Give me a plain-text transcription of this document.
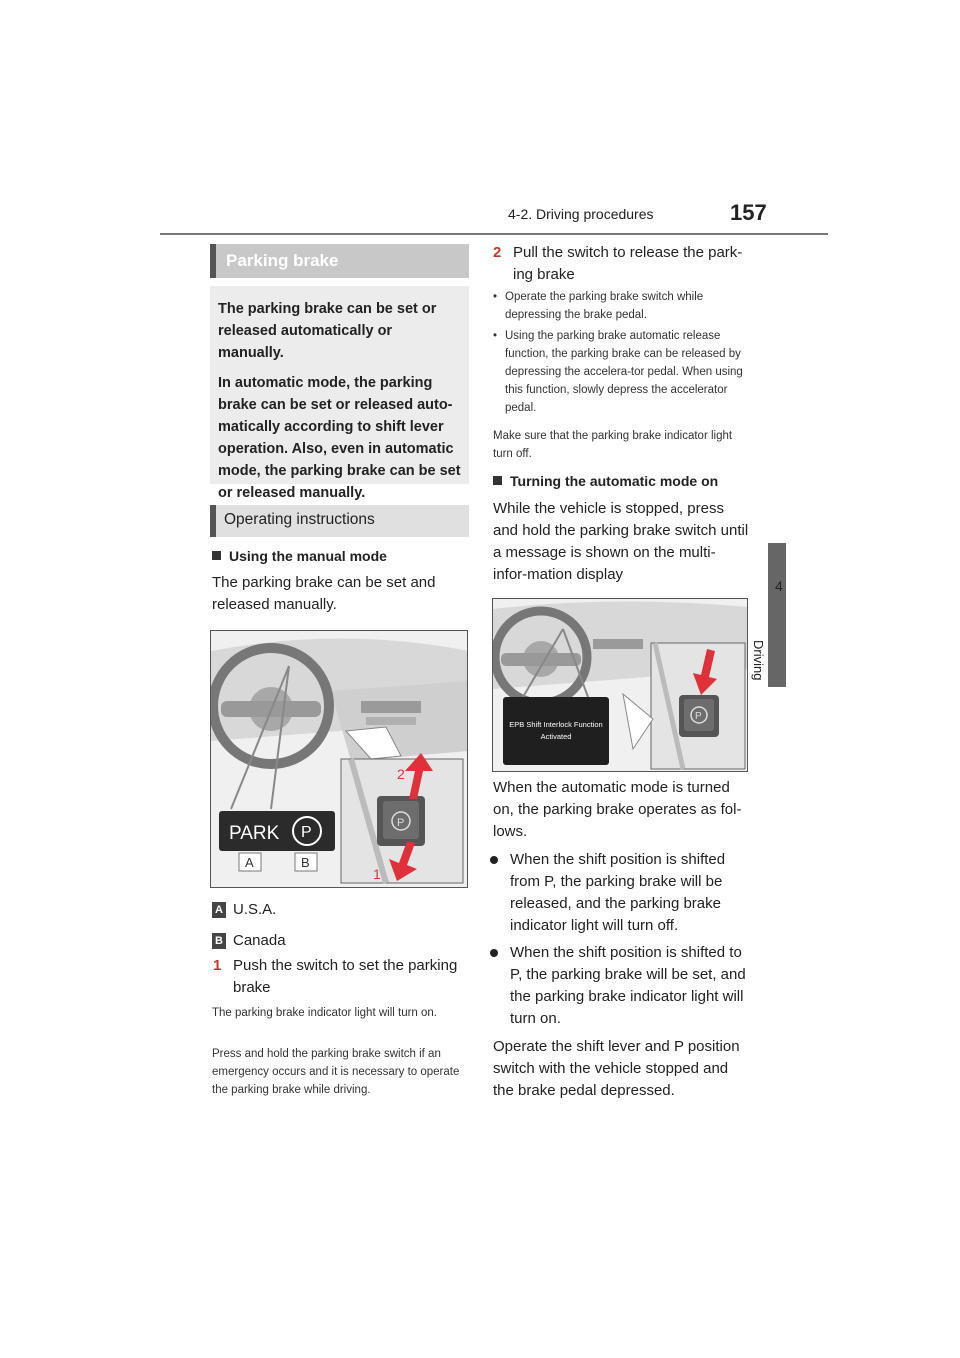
4-2. Driving procedures	157
4
Driving
Parking brake

The parking brake can be set or released automatically or manually.

In automatic mode, the parking brake can be set or released auto-matically according to shift lever operation. Also, even in automatic mode, the parking brake can be set or released manually.

Operating instructions
Using the manual mode
The parking brake can be set and released manually.
PARK P
A	B
P
2
1
A U.S.A.
B Canada
1 Push the switch to set the parking brake
The parking brake indicator light will turn on.
Press and hold the parking brake switch if an emergency occurs and it is necessary to operate the parking brake while driving.
2 Pull the switch to release the park-ing brake
• Operate the parking brake switch while depressing the brake pedal.
• Using the parking brake automatic release function, the parking brake can be released by depressing the accelera-tor pedal. When using this function, slowly depress the accelerator pedal.
Make sure that the parking brake indicator light turn off.
Turning the automatic mode on
While the vehicle is stopped, press and hold the parking brake switch until a message is shown on the multi-infor-mation display
EPB Shift Interlock Function
Activated
P
When the automatic mode is turned on, the parking brake operates as fol-lows.
When the shift position is shifted from P, the parking brake will be released, and the parking brake indicator light will turn off.
When the shift position is shifted to P, the parking brake will be set, and the parking brake indicator light will turn on.
Operate the shift lever and P position switch with the vehicle stopped and the brake pedal depressed.
